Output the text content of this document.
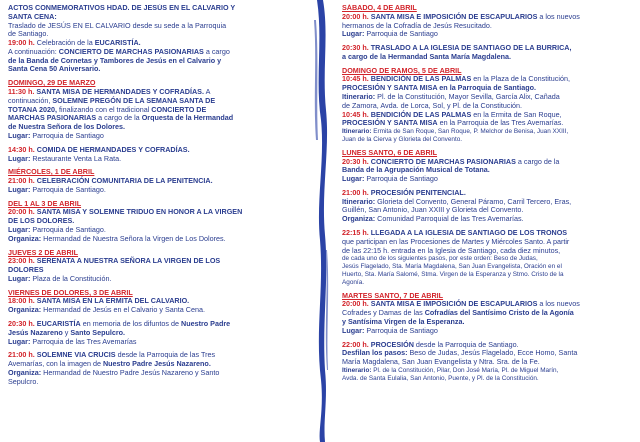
ACTOS CONMEMORATIVOS HDAD. DE JESÚS EN EL CALVARIO Y
SANTA CENA:
Traslado de JESÚS EN EL CALVARIO desde su sede a la Parroquia
de Santiago.
19:00 h. Celebración de la EUCARISTÍA.
A continuación: CONCIERTO DE MARCHAS PASIONARIAS a cargo
de la Banda de Cornetas y Tambores de Jesús en el Calvario y
Santa Cena 50 Aniversario.
DOMINGO, 29 DE MARZO
11:30 h. SANTA MISA DE HERMANDADES Y COFRADÍAS. A
continuación, SOLEMNE PREGÓN DE LA SEMANA SANTA DE
TOTANA 2020, finalizando con el tradicional CONCIERTO DE
MARCHAS PASIONARIAS a cargo de la Orquesta de la Hermandad
de Nuestra Señora de los Dolores.
Lugar: Parroquia de Santiago
14:30 h. COMIDA DE HERMANDADES Y COFRADÍAS.
Lugar: Restaurante Venta La Rata.
MIÉRCOLES, 1 DE ABRIL
21:00 h. CELEBRACIÓN COMUNITARIA DE LA PENITENCIA.
Lugar: Parroquia de Santiago.
DEL 1 AL 3 DE ABRIL
20:00 h. SANTA MISA Y SOLEMNE TRIDUO EN HONOR A LA VIRGEN
DE LOS DOLORES.
Lugar: Parroquia de Santiago.
Organiza: Hermandad de Nuestra Señora la Virgen de Los Dolores.
JUEVES 2 DE ABRIL
23:00 h. SERENATA A NUESTRA SEÑORA LA VIRGEN DE LOS
DOLORES
Lugar: Plaza de la Constitución.
VIERNES DE DOLORES, 3 DE ABRIL
18:00 h. SANTA MISA EN LA ERMITA DEL CALVARIO.
Organiza: Hermandad de Jesús en el Calvario y Santa Cena.
20:30 h. EUCARISTÍA en memoria de los difuntos de Nuestro Padre
Jesús Nazareno y Santo Sepulcro.
Lugar: Parroquia de las Tres Avemarías
21:00 h. SOLEMNE VIA CRUCIS desde la Parroquia de las Tres
Avemarías, con la imagen de Nuestro Padre Jesús Nazareno.
Organiza: Hermandad de Nuestro Padre Jesús Nazareno y Santo
Sepulcro.
SÁBADO, 4 DE ABRIL
20:00 h. SANTA MISA E IMPOSICIÓN DE ESCAPULARIOS a los nuevos
hermanos de la Cofradía de Jesús Resucitado.
Lugar: Parroquia de Santiago
20:30 h. TRASLADO A LA IGLESIA DE SANTIAGO DE LA BURRICA,
a cargo de la Hermandad Santa María Magdalena.
DOMINGO DE RAMOS, 5 DE ABRIL
10:45 h. BENDICIÓN DE LAS PALMAS en la Plaza de la Constitución,
PROCESIÓN Y SANTA MISA en la Parroquia de Santiago.
Itinerario: Pl. de la Constitución, Mayor Sevilla, García Alix, Cañada
de Zamora, Avda. de Lorca, Sol, y Pl. de la Constitución.
10:45 h. BENDICIÓN DE LAS PALMAS en la Ermita de San Roque,
PROCESIÓN Y SANTA MISA en la Parroquia de las Tres Avemarías.
Itinerario: Ermita de San Roque, San Roque, P. Melchor de Benisa, Juan XXIII,
Juan de la Cierva y Glorieta del Convento.
LUNES SANTO, 6 DE ABRIL
20:30 h. CONCIERTO DE MARCHAS PASIONARIAS a cargo de la
Banda de la Agrupación Musical de Totana.
Lugar: Parroquia de Santiago
21:00 h. PROCESIÓN PENITENCIAL.
Itinerario: Glorieta del Convento, General Páramo, Carril Tercero, Eras,
Guillén, San Antonio, Juan XXIII y Glorieta del Convento.
Organiza: Comunidad Parroquial de las Tres Avemarías.
22:15 h. LLEGADA A LA IGLESIA DE SANTIAGO DE LOS TRONOS
que participan en las Procesiones de Martes y Miércoles Santo. A partir
de las 22:15 h. entrada en la Iglesia de Santiago, cada diez minutos,
de cada uno de los siguientes pasos, por este orden: Beso de Judas,
Jesús Flagelado, Sta. María Magdalena, San Juan Evangelista, Oración en el
Huerto, Sta. María Salomé, Stma. Virgen de la Esperanza y Stmo. Cristo de la
Agonía.
MARTES SANTO, 7 DE ABRIL
20:00 h. SANTA MISA E IMPOSICIÓN DE ESCAPULARIOS a los nuevos
Cofrades y Damas de las Cofradías del Santísimo Cristo de la Agonía
y Santísima Virgen de la Esperanza.
Lugar: Parroquia de Santiago
22:00 h. PROCESIÓN desde la Parroquia de Santiago.
Desfilan los pasos: Beso de Judas, Jesús Flagelado, Ecce Homo, Santa
María Magdalena, San Juan Evangelista y Ntra. Sra. de la Fe.
Itinerario: Pl. de la Constitución, Pilar, Don José María, Pl. de Miguel Marín,
Avda. de Santa Eulalia, San Antonio, Puente, y Pl. de la Constitución.
